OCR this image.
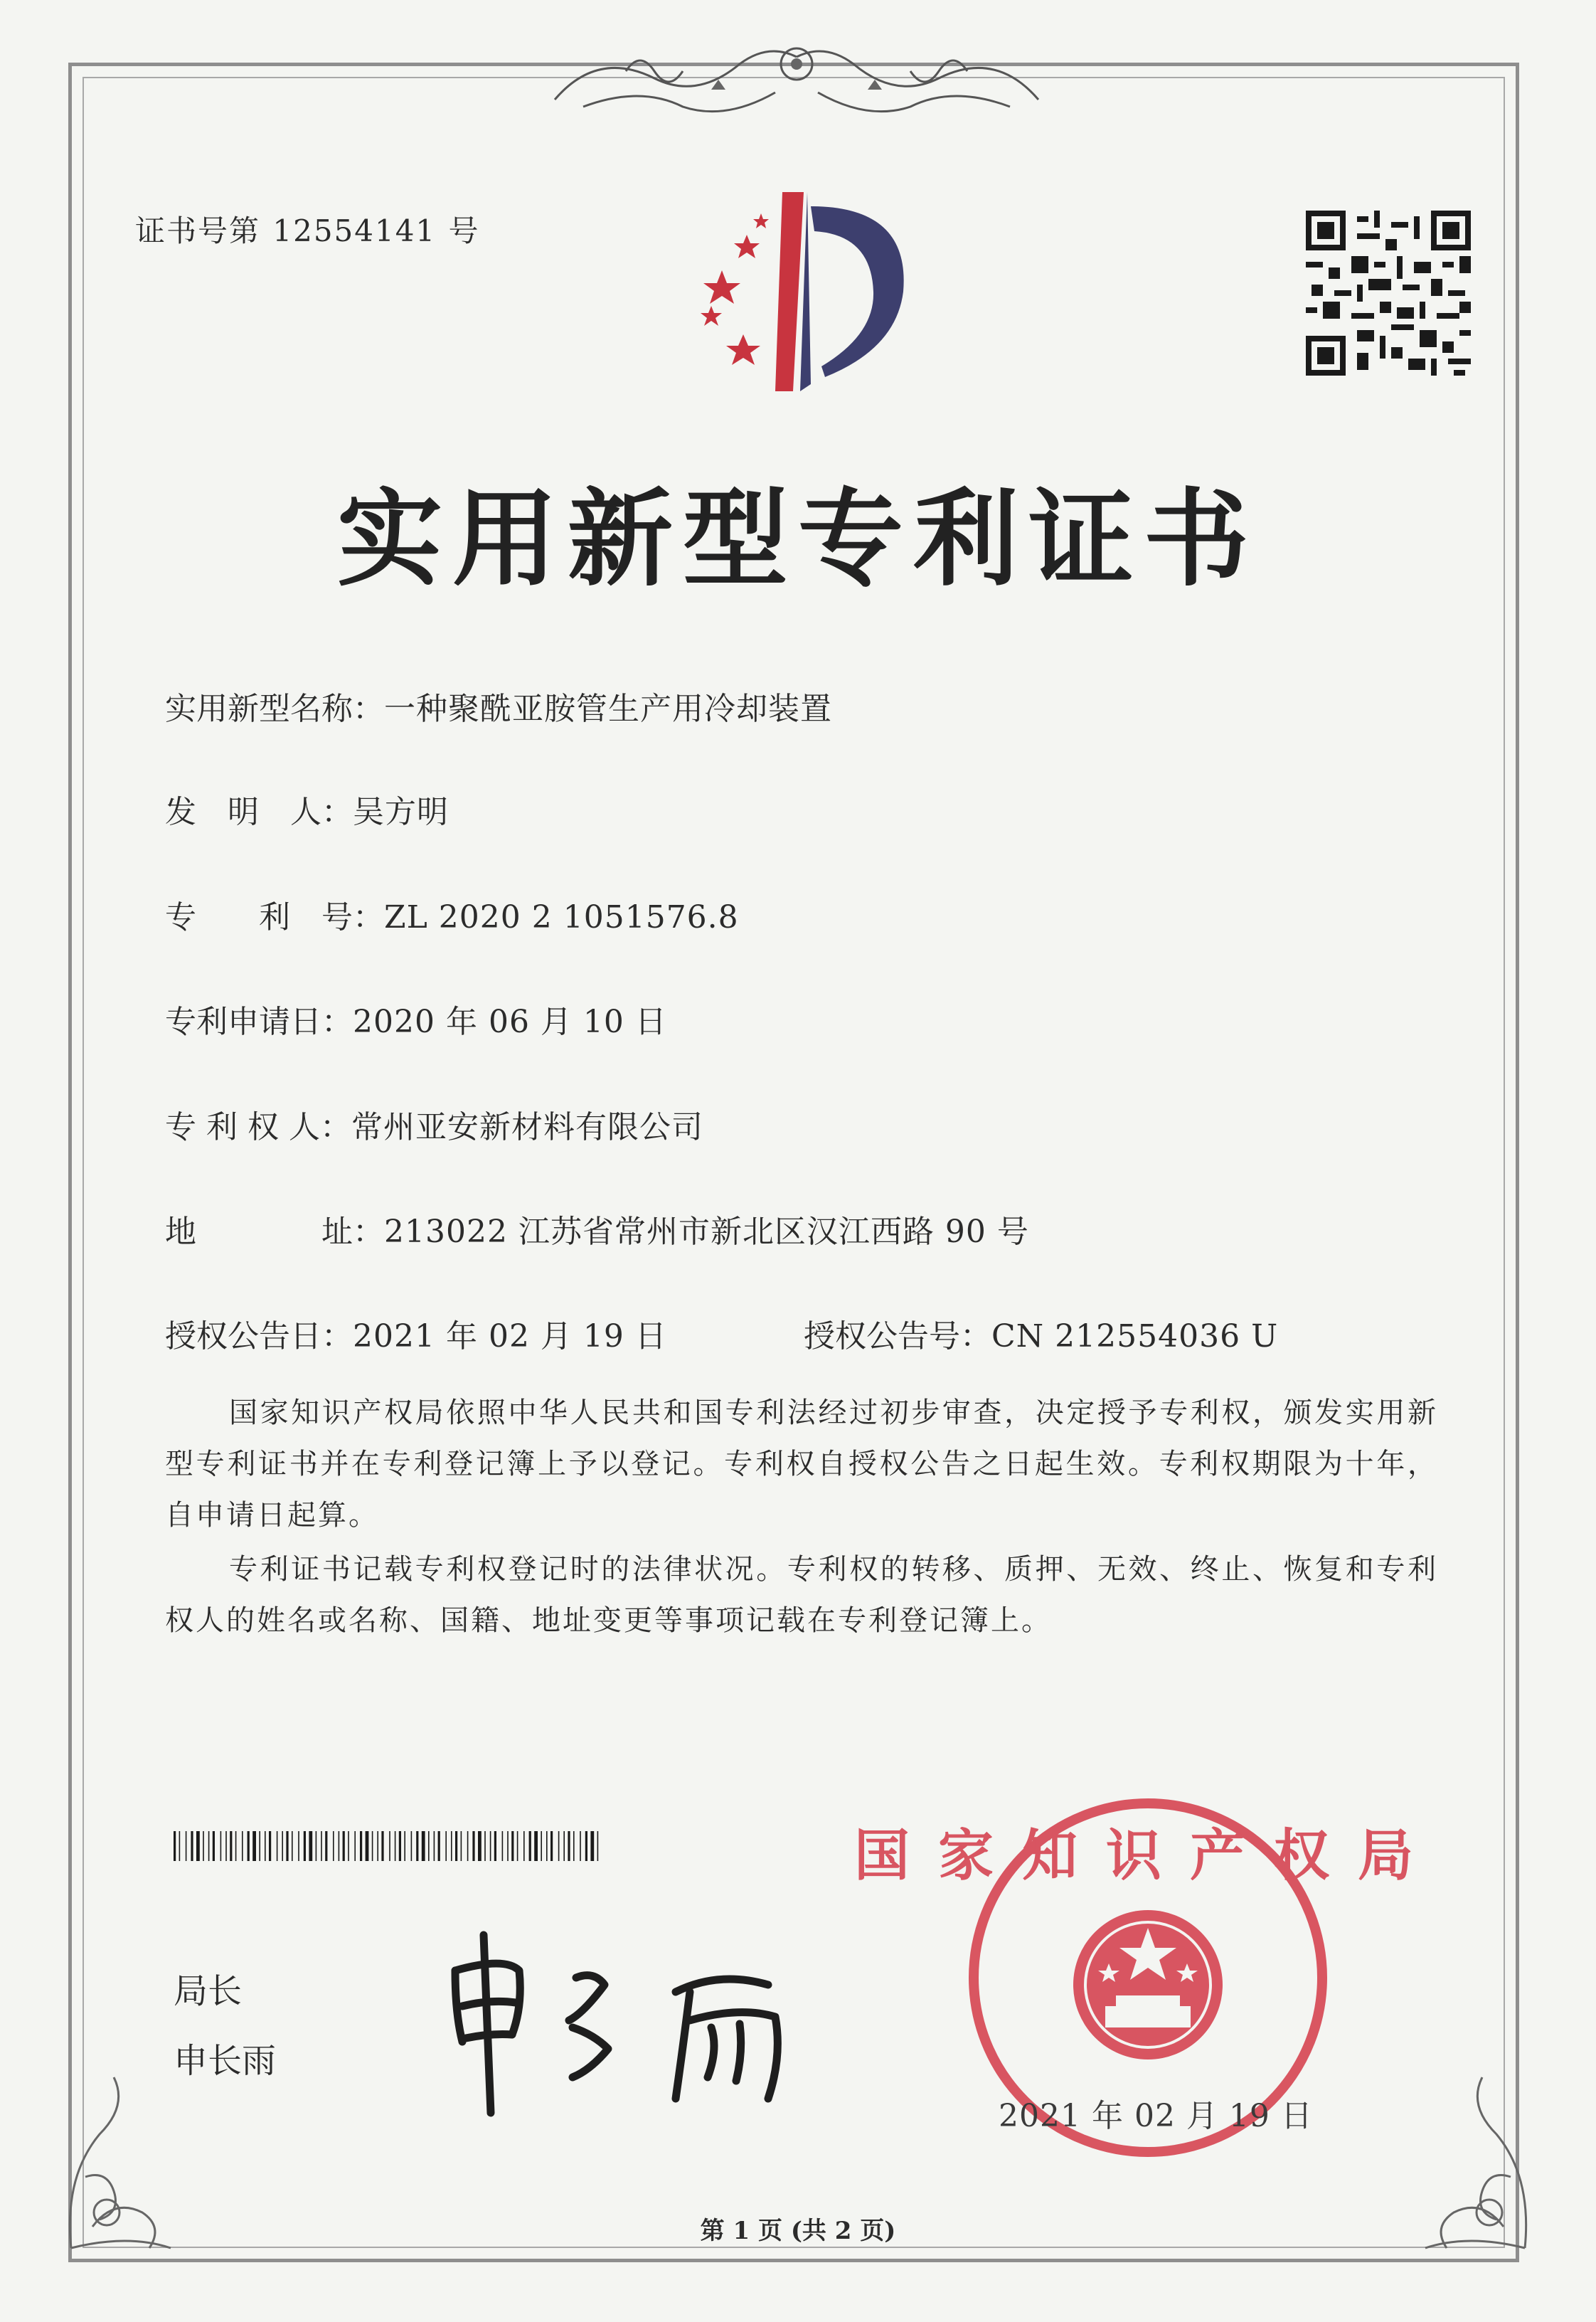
证书号第 12554141 号
实用新型专利证书
实用新型名称：一种聚酰亚胺管生产用冷却装置
发　明　人：吴方明
专　　利　号：ZL 2020 2 1051576.8
专利申请日：2020 年 06 月 10 日
专 利 权 人：常州亚安新材料有限公司
地　　　　址：213022 江苏省常州市新北区汉江西路 90 号
授权公告日：2021 年 02 月 19 日	授权公告号：CN 212554036 U
国家知识产权局依照中华人民共和国专利法经过初步审查，决定授予专利权，颁发实用新型专利证书并在专利登记簿上予以登记。专利权自授权公告之日起生效。专利权期限为十年，自申请日起算。
专利证书记载专利权登记时的法律状况。专利权的转移、质押、无效、终止、恢复和专利权人的姓名或名称、国籍、地址变更等事项记载在专利登记簿上。
局长
申长雨
国家知识产权局
2021 年 02 月 19 日
第 1 页 (共 2 页)
